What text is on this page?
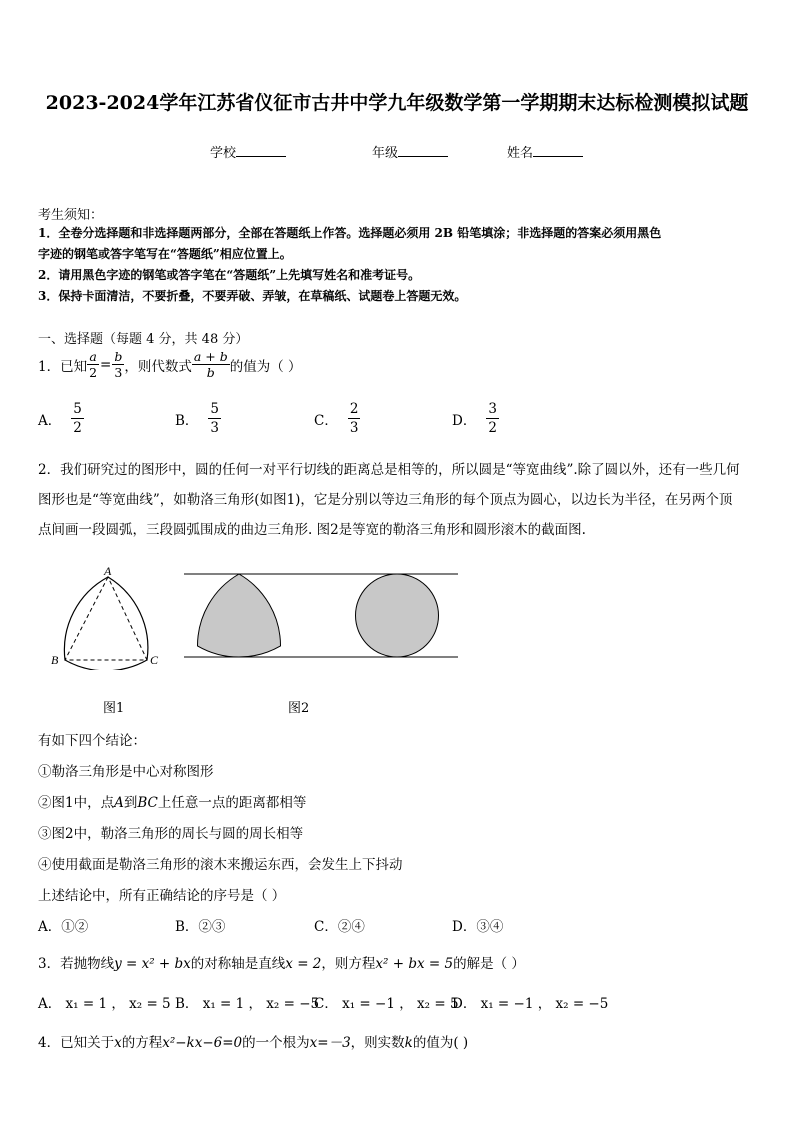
2023-2024学年江苏省仪征市古井中学九年级数学第一学期期末达标检测模拟试题
学校	年级	姓名
考生须知：
1．全卷分选择题和非选择题两部分，全部在答题纸上作答。选择题必须用 2B 铅笔填涂；非选择题的答案必须用黑色
字迹的钢笔或答字笔写在“答题纸”相应位置上。
2．请用黑色字迹的钢笔或答字笔在“答题纸”上先填写姓名和准考证号。
3．保持卡面清洁，不要折叠，不要弄破、弄皱，在草稿纸、试题卷上答题无效。
一、选择题（每题 4 分，共 48 分）
1．已知 $\frac{a}{2} = \frac{b}{3}$ ，则代数式 $\frac{a + b}{b}$ 的值为（ ）
A．
5
2	B．
5
3	C．
2
3	D．
3
2
2．我们研究过的图形中，圆的任何一对平行切线的距离总是相等的，所以圆是“等宽曲线”.除了圆以外，还有一些几何
图形也是“等宽曲线”，如勒洛三角形(如图1)，它是分别以等边三角形的每个顶点为圆心，以边长为半径，在另两个顶
点间画一段圆弧，三段圆弧围成的曲边三角形. 图2是等宽的勒洛三角形和圆形滚木的截面图.
A
B	C
图1	图2
有如下四个结论：
①勒洛三角形是中心对称图形
②图1中，点A到BC上任意一点的距离都相等
③图2中，勒洛三角形的周长与圆的周长相等
④使用截面是勒洛三角形的滚木来搬运东西，会发生上下抖动
上述结论中，所有正确结论的序号是（ ）
A．①②	B．②③	C．②④	D．③④
3．若抛物线y = x² + bx的对称轴是直线x = 2，则方程x² + bx = 5的解是（ ）
A． x₁ = 1 ， x₂ = 5 B． x₁ = 1 ， x₂ = −5
C． x₁ = −1 ， x₂ = 5
D． x₁ = −1 ， x₂ = −5
4．已知关于x的方程x²−kx−6=0的一个根为x=－3，则实数k的值为( )
